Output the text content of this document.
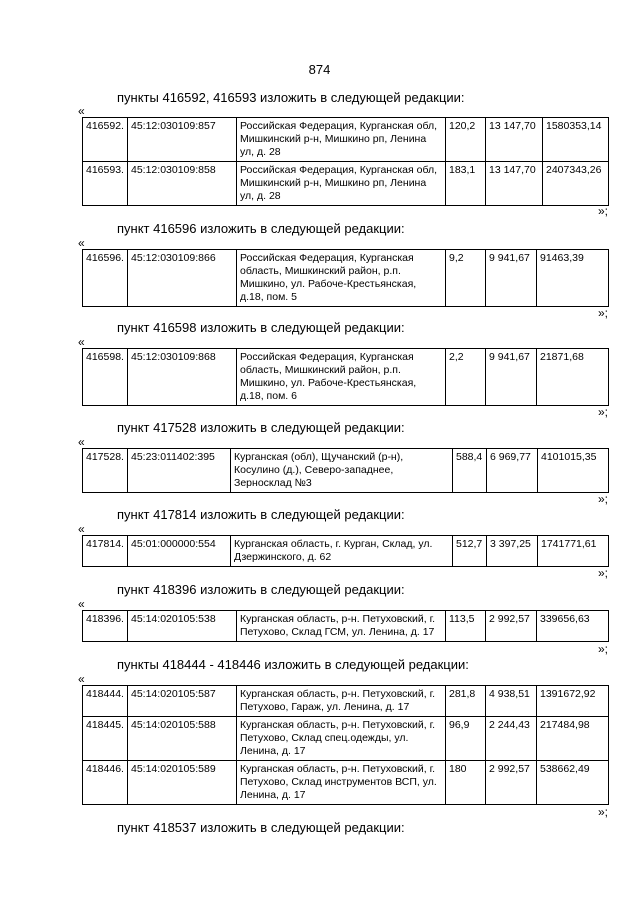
874
пункты 416592, 416593 изложить в следующей редакции:
«
416592.	45:12:030109:857	Российская Федерация, Курганская обл, Мишкинский р-н, Мишкино рп, Ленина ул, д. 28	120,2	13 147,70	1580353,14
416593.	45:12:030109:858	Российская Федерация, Курганская обл, Мишкинский р-н, Мишкино рп, Ленина ул, д. 28	183,1	13 147,70	2407343,26
»;
пункт 416596 изложить в следующей редакции:
«
416596.	45:12:030109:866	Российская Федерация, Курганская область, Мишкинский район, р.п. Мишкино, ул. Рабоче-Крестьянская, д.18, пом. 5	9,2	9 941,67	91463,39
»;
пункт 416598 изложить в следующей редакции:
«
416598.	45:12:030109:868	Российская Федерация, Курганская область, Мишкинский район, р.п. Мишкино, ул. Рабоче-Крестьянская, д.18, пом. 6	2,2	9 941,67	21871,68
»;
пункт 417528 изложить в следующей редакции:
«
417528.	45:23:011402:395	Курганская (обл), Щучанский (р-н), Косулино (д.), Северо-западнее, Зерносклад №3	588,4	6 969,77	4101015,35
»;
пункт 417814 изложить в следующей редакции:
«
417814.	45:01:000000:554	Курганская область, г. Курган, Склад, ул. Дзержинского, д. 62	512,7	3 397,25	1741771,61
»;
пункт 418396 изложить в следующей редакции:
«
418396.	45:14:020105:538	Курганская область, р-н. Петуховский, г. Петухово, Склад ГСМ, ул. Ленина, д. 17	113,5	2 992,57	339656,63
»;
пункты 418444 - 418446 изложить в следующей редакции:
«
418444.	45:14:020105:587	Курганская область, р-н. Петуховский, г. Петухово, Гараж, ул. Ленина, д. 17	281,8	4 938,51	1391672,92
418445.	45:14:020105:588	Курганская область, р-н. Петуховский, г. Петухово, Склад спец.одежды, ул. Ленина, д. 17	96,9	2 244,43	217484,98
418446.	45:14:020105:589	Курганская область, р-н. Петуховский, г. Петухово, Склад инструментов ВСП, ул. Ленина, д. 17	180	2 992,57	538662,49
»;
пункт 418537 изложить в следующей редакции:
